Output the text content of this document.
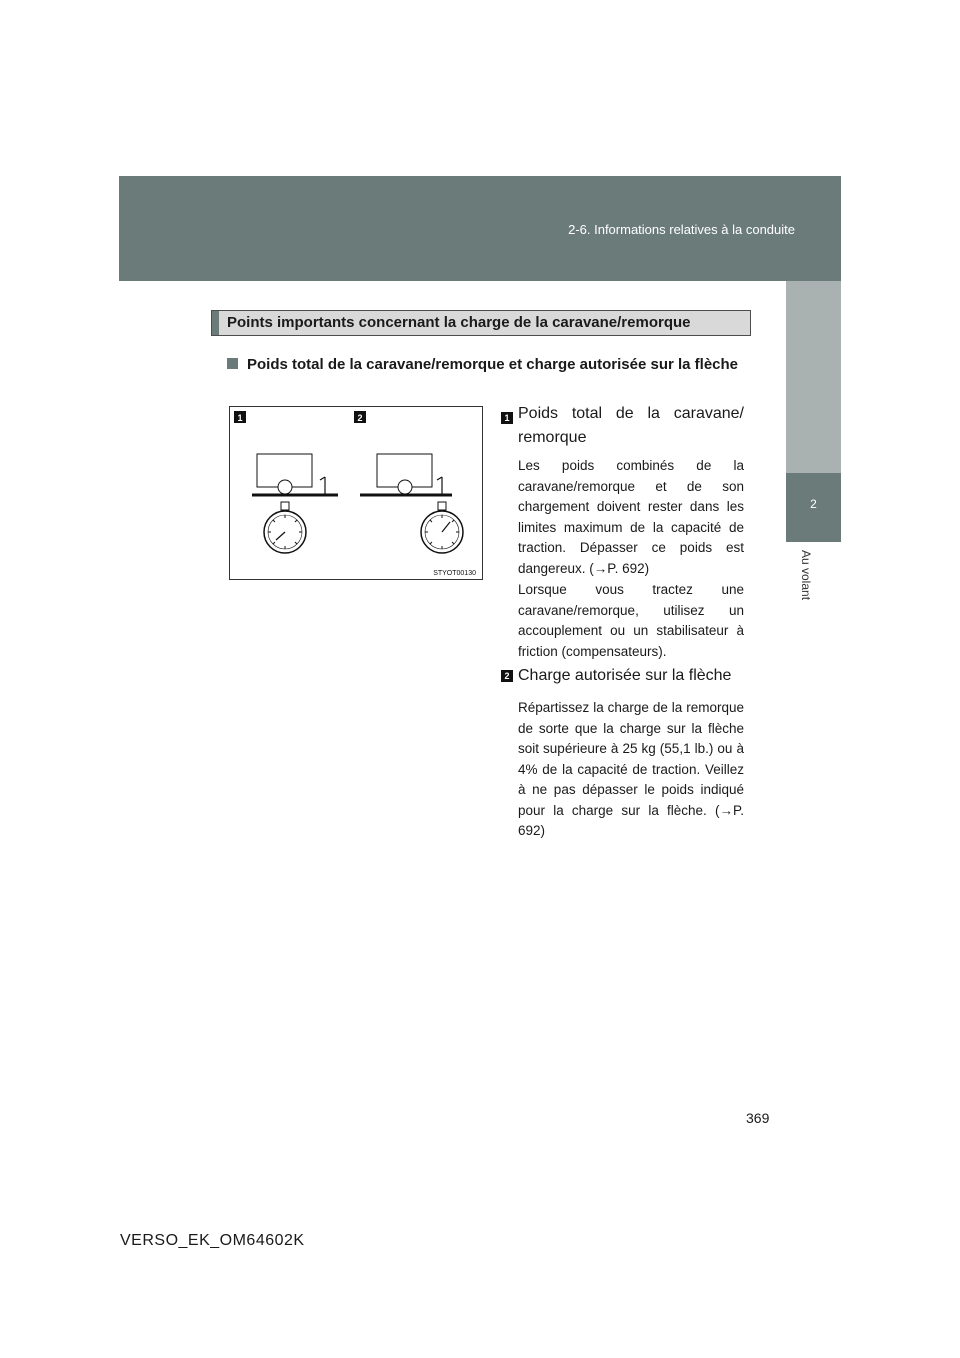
2-6. Informations relatives à la conduite
2
Au volant
Points importants concernant la charge de la caravane/remorque
Poids total de la caravane/remorque et charge autorisée sur la flèche
1	2
STYOT00130
1 Poids total de la caravane/
remorque
Les poids combinés de la caravane/remorque et de son chargement doivent rester dans les limites maximum de la capacité de traction. Dépasser ce poids est dangereux. (→P. 692)
Lorsque vous tractez une caravane/remorque, utilisez un accouplement ou un stabilisateur à friction (compensateurs).
2 Charge autorisée sur la flèche
Répartissez la charge de la remorque de sorte que la charge sur la flèche soit supérieure à 25 kg (55,1 lb.) ou à 4% de la capacité de traction. Veillez à ne pas dépasser le poids indiqué pour la charge sur la flèche. (→P. 692)
369
VERSO_EK_OM64602K
